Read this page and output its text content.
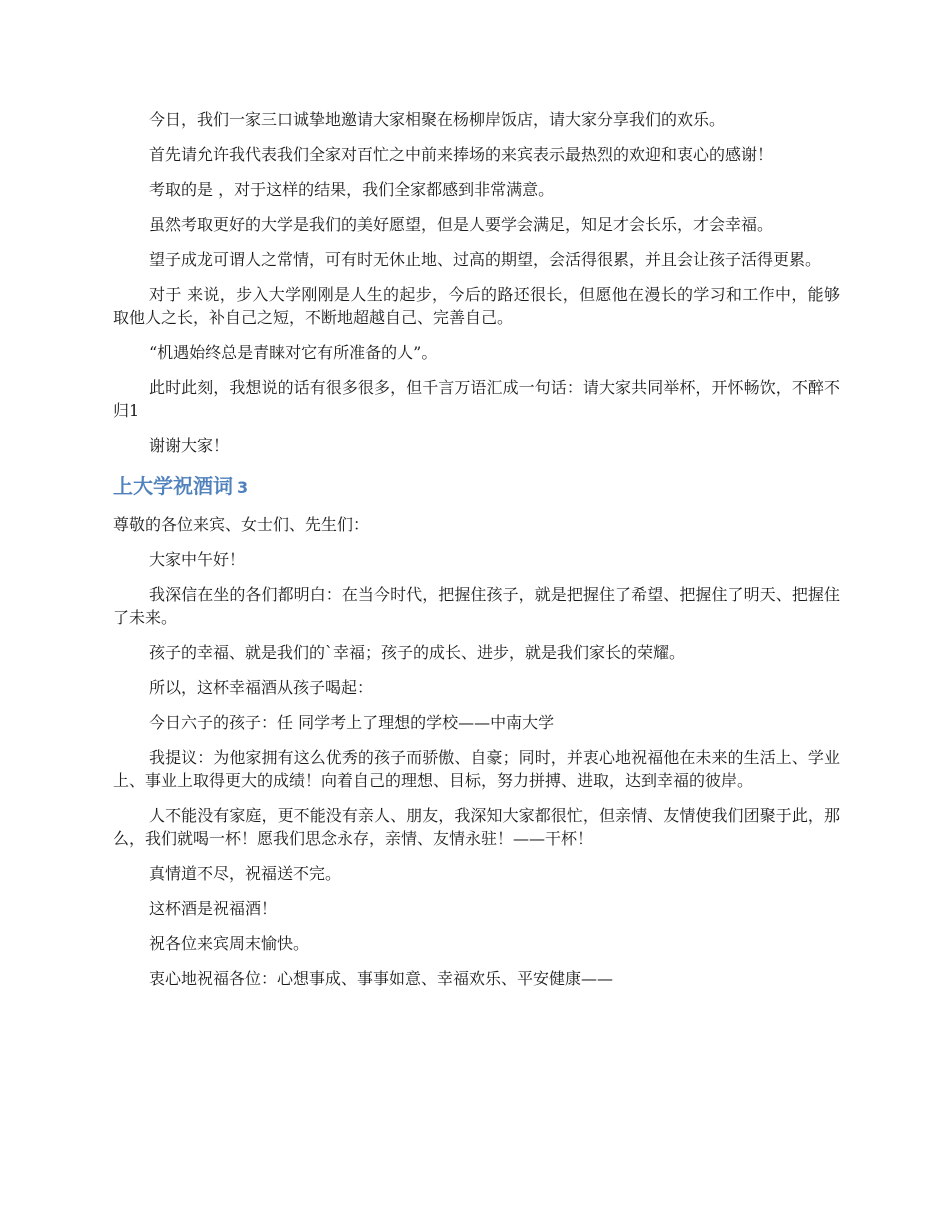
今日，我们一家三口诚挚地邀请大家相聚在杨柳岸饭店，请大家分享我们的欢乐。

首先请允许我代表我们全家对百忙之中前来捧场的来宾表示最热烈的欢迎和衷心的感谢！

考取的是 ，对于这样的结果，我们全家都感到非常满意。

虽然考取更好的大学是我们的美好愿望，但是人要学会满足，知足才会长乐，才会幸福。

望子成龙可谓人之常情，可有时无休止地、过高的期望，会活得很累，并且会让孩子活得更累。

对于 来说，步入大学刚刚是人生的起步，今后的路还很长，但愿他在漫长的学习和工作中，能够取他人之长，补自己之短，不断地超越自己、完善自己。

“机遇始终总是青睐对它有所准备的人”。

此时此刻，我想说的话有很多很多，但千言万语汇成一句话：请大家共同举杯，开怀畅饮，不醉不归1

谢谢大家！

上大学祝酒词 3

尊敬的各位来宾、女士们、先生们：

大家中午好！

我深信在坐的各们都明白：在当今时代，把握住孩子，就是把握住了希望、把握住了明天、把握住了未来。

孩子的幸福、就是我们的`幸福；孩子的成长、进步，就是我们家长的荣耀。

所以，这杯幸福酒从孩子喝起：

今日六子的孩子：任 同学考上了理想的学校——中南大学

我提议：为他家拥有这么优秀的孩子而骄傲、自豪；同时，并衷心地祝福他在未来的生活上、学业上、事业上取得更大的成绩！向着自己的理想、目标，努力拼搏、进取，达到幸福的彼岸。

人不能没有家庭，更不能没有亲人、朋友，我深知大家都很忙，但亲情、友情使我们团聚于此，那么，我们就喝一杯！愿我们思念永存，亲情、友情永驻！——干杯！

真情道不尽，祝福送不完。

这杯酒是祝福酒！

祝各位来宾周末愉快。

衷心地祝福各位：心想事成、事事如意、幸福欢乐、平安健康——
